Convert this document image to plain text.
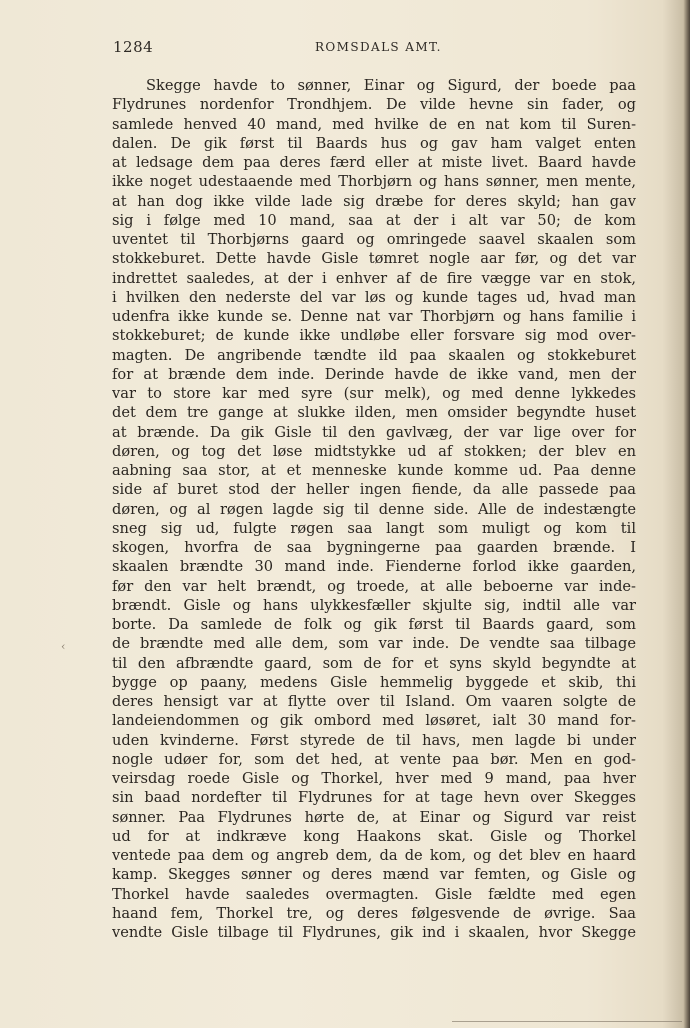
1284	ROMSDALS AMT.
‹
Skegge havde to sønner, Einar og Sigurd, der boede paa
Flydrunes nordenfor Trondhjem. De vilde hevne sin fader, og
samlede henved 40 mand, med hvilke de en nat kom til Suren-
dalen. De gik først til Baards hus og gav ham valget enten
at ledsage dem paa deres færd eller at miste livet. Baard havde
ikke noget udestaaende med Thorbjørn og hans sønner, men mente,
at han dog ikke vilde lade sig dræbe for deres skyld; han gav
sig i følge med 10 mand, saa at der i alt var 50; de kom
uventet til Thorbjørns gaard og omringede saavel skaalen som
stokkeburet. Dette havde Gisle tømret nogle aar før, og det var
indrettet saaledes, at der i enhver af de fire vægge var en stok,
i hvilken den nederste del var løs og kunde tages ud, hvad man
udenfra ikke kunde se. Denne nat var Thorbjørn og hans familie i
stokkeburet; de kunde ikke undløbe eller forsvare sig mod over-
magten. De angribende tændte ild paa skaalen og stokkeburet
for at brænde dem inde. Derinde havde de ikke vand, men der
var to store kar med syre (sur melk), og med denne lykkedes
det dem tre gange at slukke ilden, men omsider begyndte huset
at brænde. Da gik Gisle til den gavlvæg, der var lige over for
døren, og tog det løse midtstykke ud af stokken; der blev en
aabning saa stor, at et menneske kunde komme ud. Paa denne
side af buret stod der heller ingen fiende, da alle passede paa
døren, og al røgen lagde sig til denne side. Alle de indestængte
sneg sig ud, fulgte røgen saa langt som muligt og kom til
skogen, hvorfra de saa bygningerne paa gaarden brænde. I
skaalen brændte 30 mand inde. Fienderne forlod ikke gaarden,
før den var helt brændt, og troede, at alle beboerne var inde-
brændt. Gisle og hans ulykkesfæller skjulte sig, indtil alle var
borte. Da samlede de folk og gik først til Baards gaard, som
de brændte med alle dem, som var inde. De vendte saa tilbage
til den afbrændte gaard, som de for et syns skyld begyndte at
bygge op paany, medens Gisle hemmelig byggede et skib, thi
deres hensigt var at flytte over til Island. Om vaaren solgte de
landeiendommen og gik ombord med løsøret, ialt 30 mand for-
uden kvinderne. Først styrede de til havs, men lagde bi under
nogle udøer for, som det hed, at vente paa bør. Men en god-
veirsdag roede Gisle og Thorkel, hver med 9 mand, paa hver
sin baad nordefter til Flydrunes for at tage hevn over Skegges
sønner. Paa Flydrunes hørte de, at Einar og Sigurd var reist
ud for at indkræve kong Haakons skat. Gisle og Thorkel
ventede paa dem og angreb dem, da de kom, og det blev en haard
kamp. Skegges sønner og deres mænd var femten, og Gisle og
Thorkel havde saaledes overmagten. Gisle fældte med egen
haand fem, Thorkel tre, og deres følgesvende de øvrige. Saa
vendte Gisle tilbage til Flydrunes, gik ind i skaalen, hvor Skegge
